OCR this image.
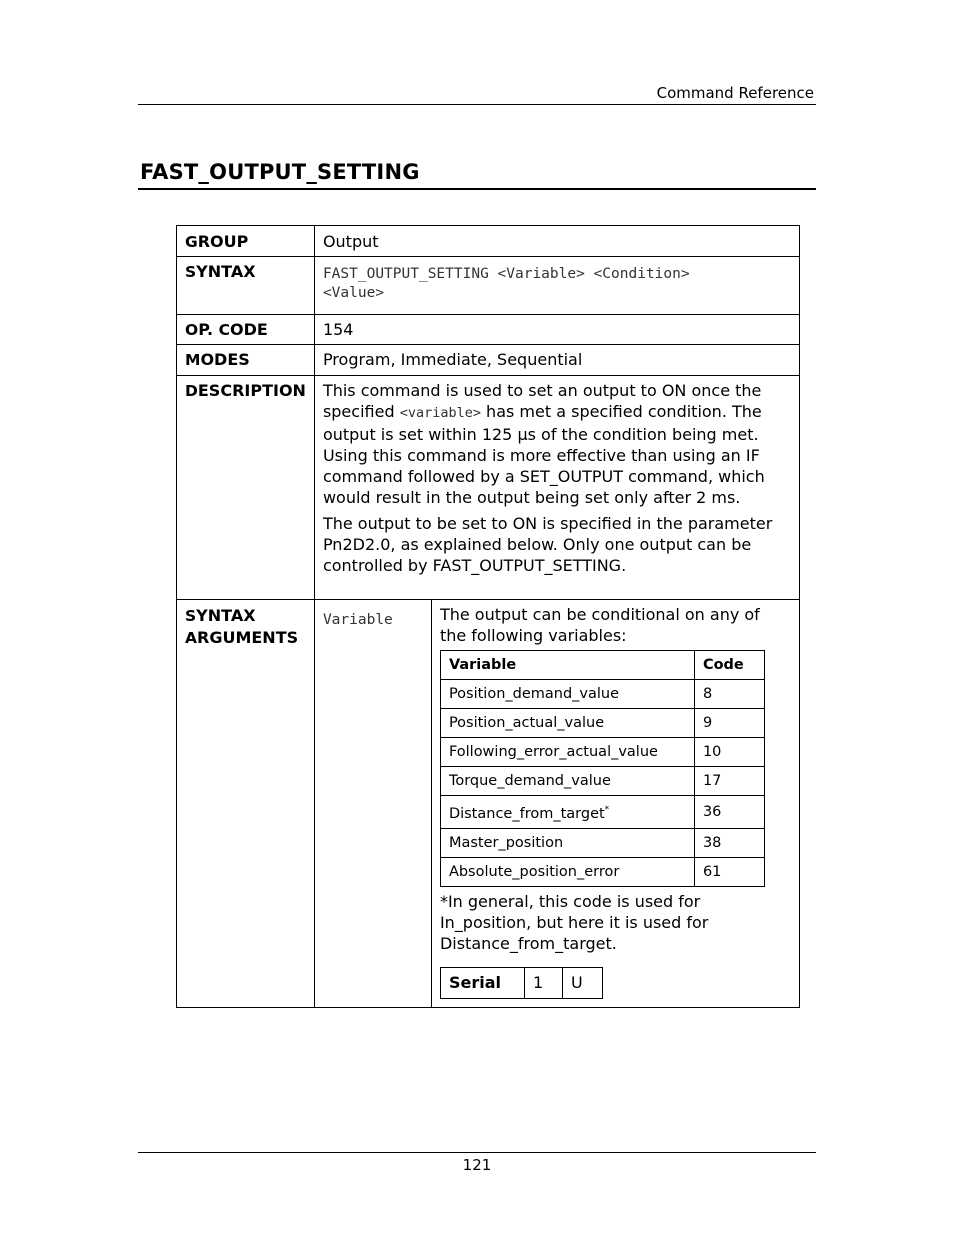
Command Reference
FAST_OUTPUT_SETTING
GROUP	Output
SYNTAX	FAST_OUTPUT_SETTING <Variable> <Condition>
<Value>

OP. CODE	154
MODES	Program, Immediate, Sequential
DESCRIPTION	This command is used to set an output to ON once the specified <variable> has met a specified condition. The output is set within 125 µs of the condition being met. Using this command is more effective than using an IF command followed by a SET_OUTPUT command, which would result in the output being set only after 2 ms.

The output to be set to ON is specified in the parameter Pn2D2.0, as explained below. Only one output can be controlled by FAST_OUTPUT_SETTING.

SYNTAX
ARGUMENTS
	Variable	The output can be conditional on any of the following variables:

Variable	Code
Position_demand_value	8
Position_actual_value	9
Following_error_actual_value	10
Torque_demand_value	17
Distance_from_target*	36
Master_position	38
Absolute_position_error	61

*In general, this code is used for In_position, but here it is used for Distance_from_target.

Serial	1	U
121
